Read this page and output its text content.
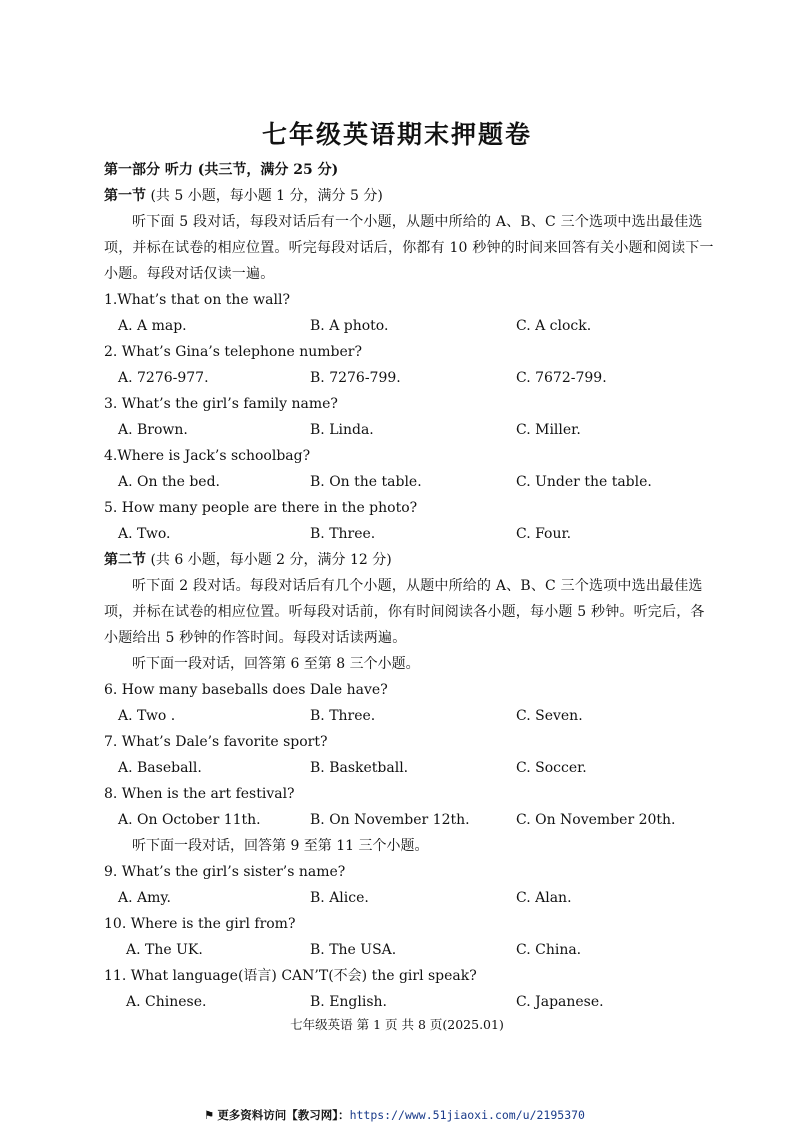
七年级英语期末押题卷
第一部分 听力 (共三节，满分 25 分)
第一节 (共 5 小题，每小题 1 分，满分 5 分)
听下面 5 段对话，每段对话后有一个小题，从题中所给的 A、B、C 三个选项中选出最佳选项，并标在试卷的相应位置。听完每段对话后，你都有 10 秒钟的时间来回答有关小题和阅读下一小题。每段对话仅读一遍。
1.What’s that on the wall?
A. A map.	B. A photo.	C. A clock.
2. What’s Gina’s telephone number?
A. 7276-977.	B. 7276-799.	C. 7672-799.
3. What’s the girl’s family name?
A. Brown.	B. Linda.	C. Miller.
4.Where is Jack’s schoolbag?
A. On the bed.	B. On the table.	C. Under the table.
5. How many people are there in the photo?
A. Two.	B. Three.	C. Four.
第二节 (共 6 小题，每小题 2 分，满分 12 分)
听下面 2 段对话。每段对话后有几个小题，从题中所给的 A、B、C 三个选项中选出最佳选项，并标在试卷的相应位置。听每段对话前，你有时间阅读各小题，每小题 5 秒钟。听完后，各小题给出 5 秒钟的作答时间。每段对话读两遍。
听下面一段对话，回答第 6 至第 8 三个小题。
6. How many baseballs does Dale have?
A. Two .	B. Three.	C. Seven.
7. What’s Dale’s favorite sport?
A. Baseball.	B. Basketball.	C. Soccer.
8. When is the art festival?
A. On October 11th.	B. On November 12th.	C. On November 20th.
听下面一段对话，回答第 9 至第 11 三个小题。
9. What’s the girl’s sister’s name?
A. Amy.	B. Alice.	C. Alan.
10. Where is the girl from?
A. The UK.	B. The USA.	C. China.
11. What language(语言) CAN’T(不会) the girl speak?
A. Chinese.	B. English.	C. Japanese.
七年级英语 第 1 页 共 8 页(2025.01)
⚑ 更多资料访问【教习网】：https://www.51jiaoxi.com/u/2195370
